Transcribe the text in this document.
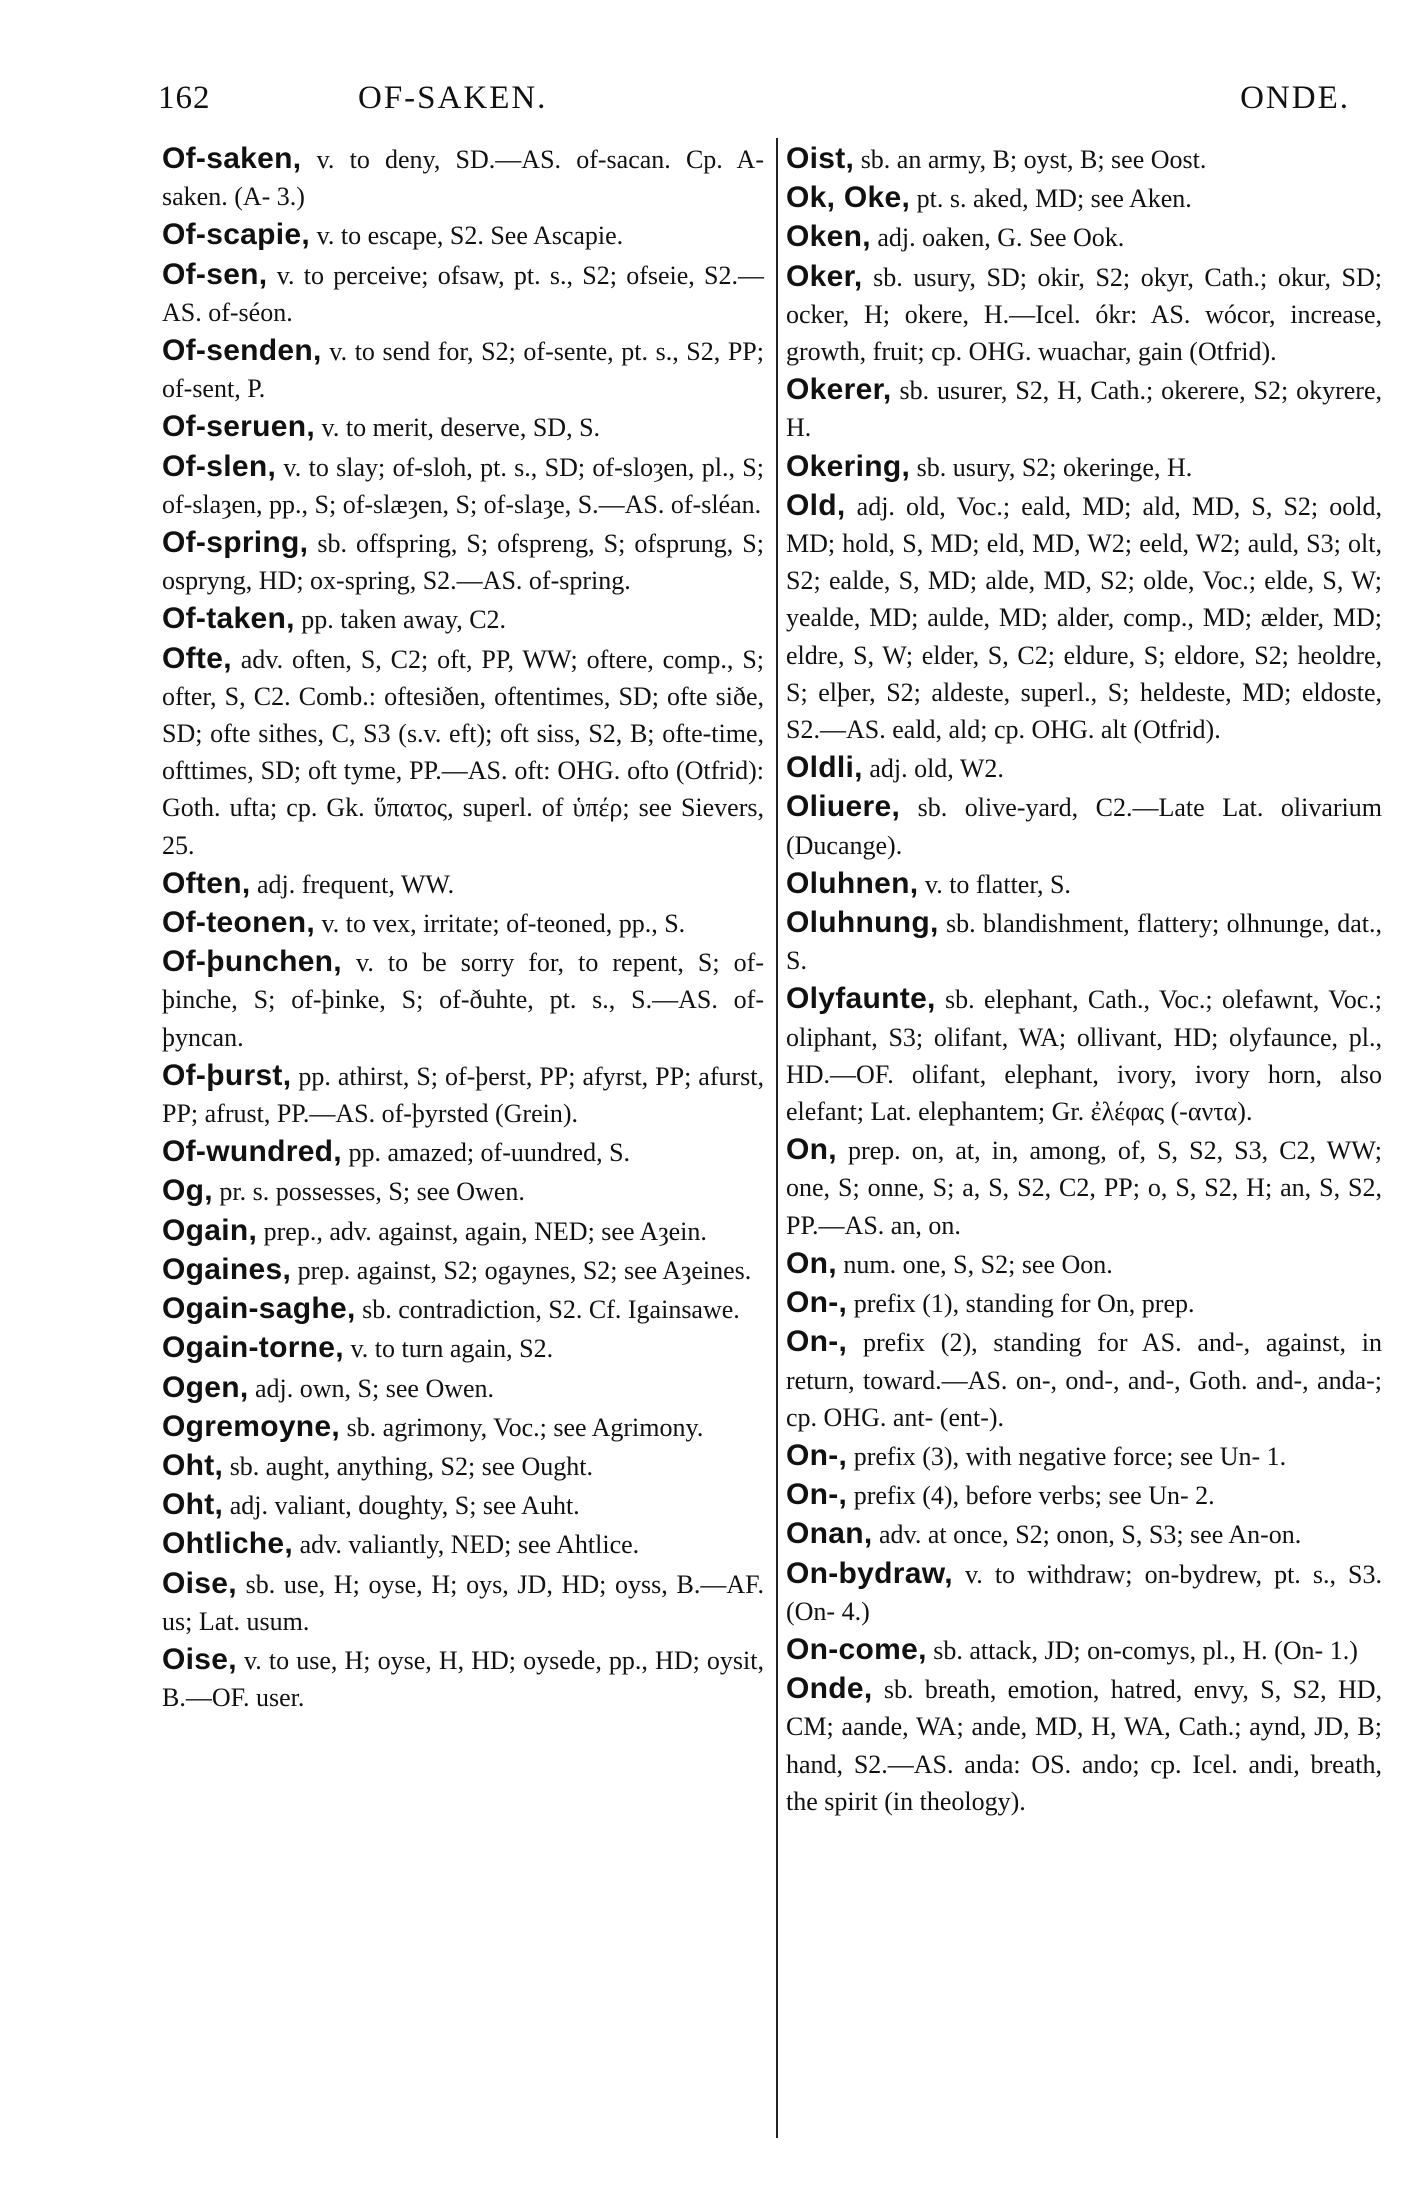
162	OF-SAKEN.	ONDE.

Of-saken, v. to deny, SD.—AS. of-sacan. Cp. A-saken. (A- 3.)

Of-scapie, v. to escape, S2. See Ascapie.

Of-sen, v. to perceive; ofsaw, pt. s., S2; ofseie, S2.—AS. of-séon.

Of-senden, v. to send for, S2; of-sente, pt. s., S2, PP; of-sent, P.

Of-seruen, v. to merit, deserve, SD, S.

Of-slen, v. to slay; of-sloh, pt. s., SD; of-sloȝen, pl., S; of-slaȝen, pp., S; of-slæȝen, S; of-slaȝe, S.—AS. of-sléan.

Of-spring, sb. offspring, S; ofspreng, S; ofsprung, S; ospryng, HD; ox-spring, S2.—AS. of-spring.

Of-taken, pp. taken away, C2.

Ofte, adv. often, S, C2; oft, PP, WW; oftere, comp., S; ofter, S, C2. Comb.: oftesiðen, oftentimes, SD; ofte siðe, SD; ofte sithes, C, S3 (s.v. eft); oft siss, S2, B; ofte-time, ofttimes, SD; oft tyme, PP.—AS. oft: OHG. ofto (Otfrid): Goth. ufta; cp. Gk. ὕπατος, superl. of ὑπέρ; see Sievers, 25.

Often, adj. frequent, WW.

Of-teonen, v. to vex, irritate; of-teoned, pp., S.

Of-þunchen, v. to be sorry for, to repent, S; of-þinche, S; of-þinke, S; of-ðuhte, pt. s., S.—AS. of-þyncan.

Of-þurst, pp. athirst, S; of-þerst, PP; afyrst, PP; afurst, PP; afrust, PP.—AS. of-þyrsted (Grein).

Of-wundred, pp. amazed; of-uundred, S.

Og, pr. s. possesses, S; see Owen.

Ogain, prep., adv. against, again, NED; see Aȝein.

Ogaines, prep. against, S2; ogaynes, S2; see Aȝeines.

Ogain-saghe, sb. contradiction, S2. Cf. Igainsawe.

Ogain-torne, v. to turn again, S2.

Ogen, adj. own, S; see Owen.

Ogremoyne, sb. agrimony, Voc.; see Agrimony.

Oht, sb. aught, anything, S2; see Ought.

Oht, adj. valiant, doughty, S; see Auht.

Ohtliche, adv. valiantly, NED; see Ahtlice.

Oise, sb. use, H; oyse, H; oys, JD, HD; oyss, B.—AF. us; Lat. usum.

Oise, v. to use, H; oyse, H, HD; oysede, pp., HD; oysit, B.—OF. user.

Oist, sb. an army, B; oyst, B; see Oost.

Ok, Oke, pt. s. aked, MD; see Aken.

Oken, adj. oaken, G. See Ook.

Oker, sb. usury, SD; okir, S2; okyr, Cath.; okur, SD; ocker, H; okere, H.—Icel. ókr: AS. wócor, increase, growth, fruit; cp. OHG. wuachar, gain (Otfrid).

Okerer, sb. usurer, S2, H, Cath.; okerere, S2; okyrere, H.

Okering, sb. usury, S2; okeringe, H.

Old, adj. old, Voc.; eald, MD; ald, MD, S, S2; oold, MD; hold, S, MD; eld, MD, W2; eeld, W2; auld, S3; olt, S2; ealde, S, MD; alde, MD, S2; olde, Voc.; elde, S, W; yealde, MD; aulde, MD; alder, comp., MD; ælder, MD; eldre, S, W; elder, S, C2; eldure, S; eldore, S2; heoldre, S; elþer, S2; aldeste, superl., S; heldeste, MD; eldoste, S2.—AS. eald, ald; cp. OHG. alt (Otfrid).

Oldli, adj. old, W2.

Oliuere, sb. olive-yard, C2.—Late Lat. olivarium (Ducange).

Oluhnen, v. to flatter, S.

Oluhnung, sb. blandishment, flattery; olhnunge, dat., S.

Olyfaunte, sb. elephant, Cath., Voc.; olefawnt, Voc.; oliphant, S3; olifant, WA; ollivant, HD; olyfaunce, pl., HD.—OF. olifant, elephant, ivory, ivory horn, also elefant; Lat. elephantem; Gr. ἐλέφας (-αντα).

On, prep. on, at, in, among, of, S, S2, S3, C2, WW; one, S; onne, S; a, S, S2, C2, PP; o, S, S2, H; an, S, S2, PP.—AS. an, on.

On, num. one, S, S2; see Oon.

On-, prefix (1), standing for On, prep.

On-, prefix (2), standing for AS. and-, against, in return, toward.—AS. on-, ond-, and-, Goth. and-, anda-; cp. OHG. ant- (ent-).

On-, prefix (3), with negative force; see Un- 1.

On-, prefix (4), before verbs; see Un- 2.

Onan, adv. at once, S2; onon, S, S3; see An-on.

On-bydraw, v. to withdraw; on-bydrew, pt. s., S3. (On- 4.)

On-come, sb. attack, JD; on-comys, pl., H. (On- 1.)

Onde, sb. breath, emotion, hatred, envy, S, S2, HD, CM; aande, WA; ande, MD, H, WA, Cath.; aynd, JD, B; hand, S2.—AS. anda: OS. ando; cp. Icel. andi, breath, the spirit (in theology).
